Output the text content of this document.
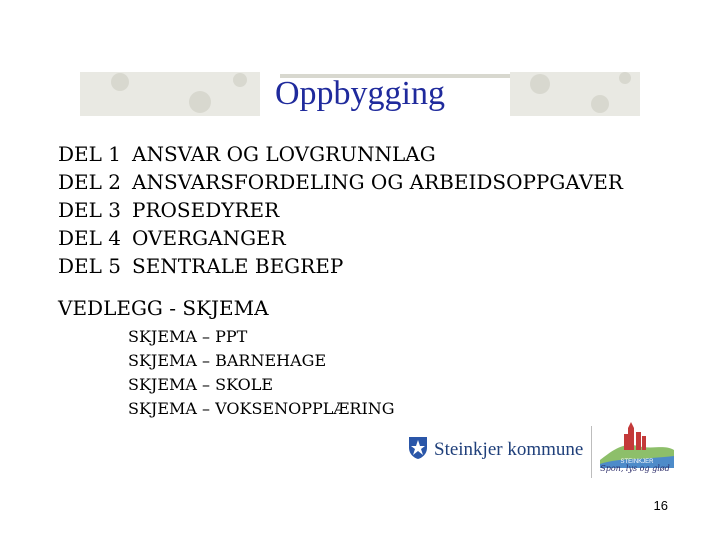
Oppbygging
DEL 1 ANSVAR OG LOVGRUNNLAG
DEL 2 ANSVARSFORDELING OG ARBEIDSOPPGAVER
DEL 3 PROSEDYRER
DEL 4 OVERGANGER
DEL 5 SENTRALE BEGREP
VEDLEGG - SKJEMA
SKJEMA – PPT
SKJEMA – BARNEHAGE
SKJEMA – SKOLE
SKJEMA – VOKSENOPPLÆRING
Steinkjer kommune
STEINKJER
Spon, lys og glød
16
